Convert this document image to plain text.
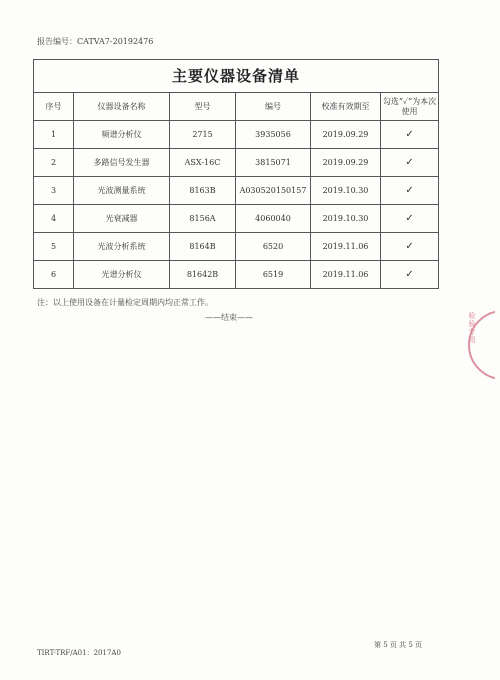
报告编号：CATVA7-20192476
主要仪器设备清单					
序号	仪器设备名称	型号	编号	校准有效期至	勾选“✓”为本次使用
1	频谱分析仪	2715	3935056	2019.09.29	✓
2	多路信号发生器	ASX-16C	3815071	2019.09.29	✓
3	光波测量系统	8163B	A030520150157	2019.10.30	✓
4	光衰减器	8156A	4060040	2019.10.30	✓
5	光波分析系统	8164B	6520	2019.11.06	✓
6	光谱分析仪	81642B	6519	2019.11.06	✓
注：以上使用设备在计量检定周期内均正常工作。
——结束——	检验专用
TIRT-TRF/A01：2017A0
第 5 页 共 5 页
